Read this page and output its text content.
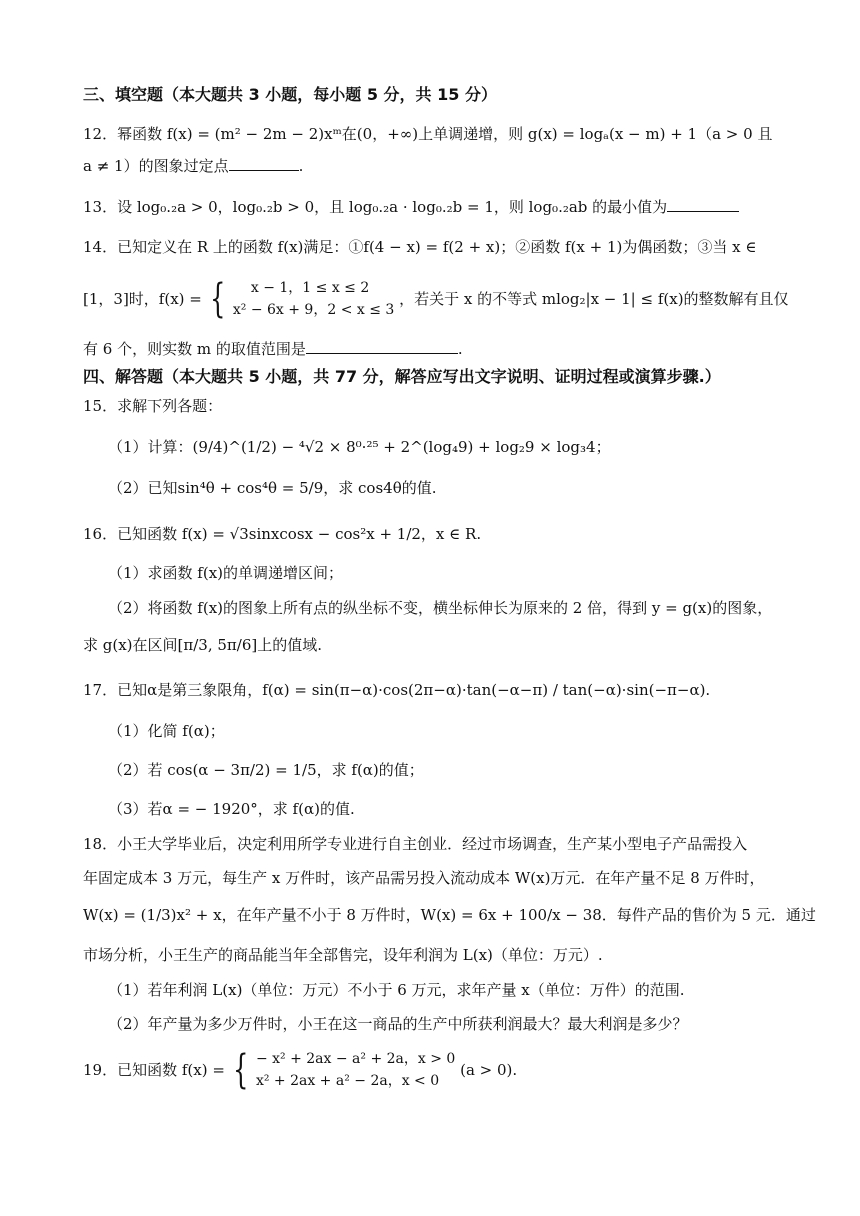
三、填空题（本大题共 3 小题，每小题 5 分，共 15 分）
12．幂函数 f(x) = (m² − 2m − 2)xᵐ在(0，+∞)上单调递增，则 g(x) = logₐ(x − m) + 1（a > 0 且
a ≠ 1）的图象过定点	.
13．设 log₀.₂a > 0，log₀.₂b > 0，且 log₀.₂a · log₀.₂b = 1，则 log₀.₂ab 的最小值为
14．已知定义在 R 上的函数 f(x)满足：①f(4 − x) = f(2 + x)；②函数 f(x + 1)为偶函数；③当 x ∈
[1，3]时，f(x) = {	x − 1，1 ≤ x ≤ 2
x² − 6x + 9，2 < x ≤ 3
，若关于 x 的不等式 mlog₂|x − 1| ≤ f(x)的整数解有且仅
有 6 个，则实数 m 的取值范围是	.
四、解答题（本大题共 5 小题，共 77 分，解答应写出文字说明、证明过程或演算步骤.）
15．求解下列各题：
（1）计算：(9/4)^(1/2) − ⁴√2 × 8⁰·²⁵ + 2^(log₄9) + log₂9 × log₃4；
（2）已知sin⁴θ + cos⁴θ = 5/9，求 cos4θ的值.
16．已知函数 f(x) = √3sinxcosx − cos²x + 1/2，x ∈ R.
（1）求函数 f(x)的单调递增区间；
（2）将函数 f(x)的图象上所有点的纵坐标不变，横坐标伸长为原来的 2 倍，得到 y = g(x)的图象，
求 g(x)在区间[π/3, 5π/6]上的值域.
17．已知α是第三象限角，f(α) = sin(π−α)·cos(2π−α)·tan(−α−π) / tan(−α)·sin(−π−α).
（1）化简 f(α)；
（2）若 cos(α − 3π/2) = 1/5，求 f(α)的值；
（3）若α = − 1920°，求 f(α)的值.
18．小王大学毕业后，决定利用所学专业进行自主创业．经过市场调查，生产某小型电子产品需投入
年固定成本 3 万元，每生产 x 万件时，该产品需另投入流动成本 W(x)万元．在年产量不足 8 万件时，
W(x) = (1/3)x² + x，在年产量不小于 8 万件时，W(x) = 6x + 100/x − 38．每件产品的售价为 5 元．通过
市场分析，小王生产的商品能当年全部售完，设年利润为 L(x)（单位：万元）.
（1）若年利润 L(x)（单位：万元）不小于 6 万元，求年产量 x（单位：万件）的范围.
（2）年产量为多少万件时，小王在这一商品的生产中所获利润最大？最大利润是多少？
19．已知函数 f(x) = { − x² + 2ax − a² + 2a，x > 0
x² + 2ax + a² − 2a，x < 0
(a > 0).
